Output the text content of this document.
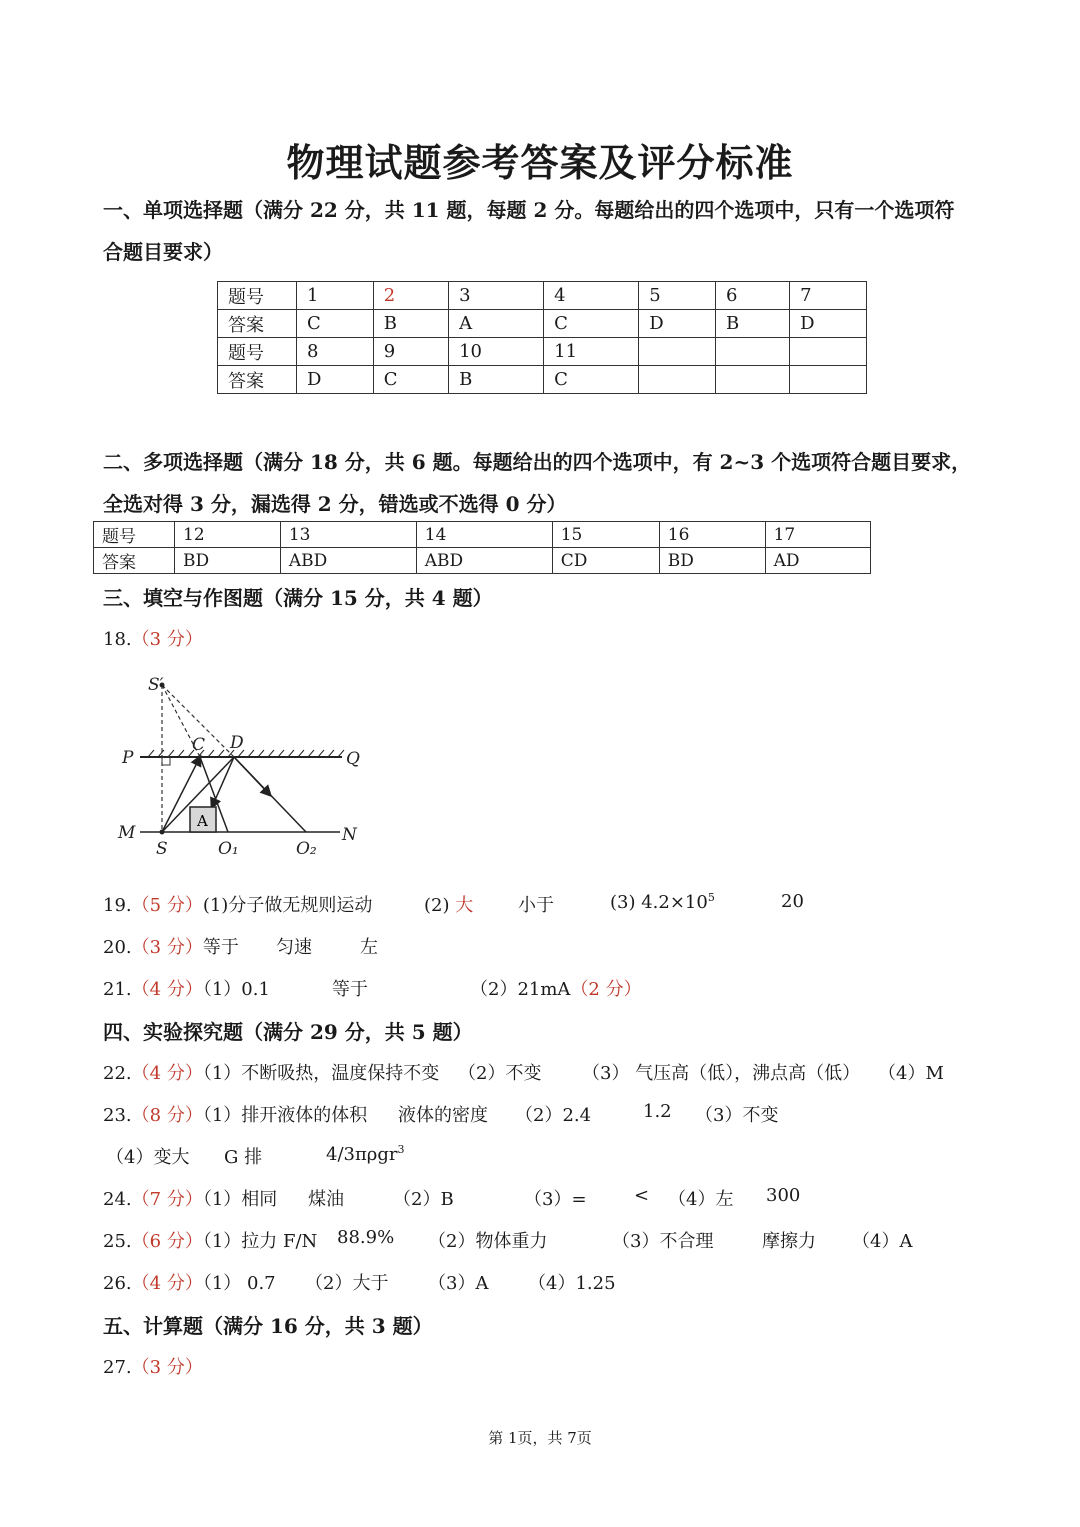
物理试题参考答案及评分标准
一、单项选择题（满分 22 分，共 11 题，每题 2 分。每题给出的四个选项中，只有一个选项符
合题目要求）
题号	1	2	3	4	5	6	7
答案	C	B	A	C	D	B	D
题号	8	9	10	11			
答案	D	C	B	C			
二、多项选择题（满分 18 分，共 6 题。每题给出的四个选项中，有 2~3 个选项符合题目要求，
全选对得 3 分，漏选得 2 分，错选或不选得 0 分）
题号	12	13	14	15	16	17
答案	BD	ABD	ABD	CD	BD	AD
三、填空与作图题（满分 15 分，共 4 题）
18.（3 分）
A
S′
C D
P	Q
M	N
S	O₁	O₂
19.（5 分）(1)分子做无规则运动	(2) 大 小于	(3) $4.2\times 10^5$	20
20.（3 分）等于 匀速	左
21.（4 分）（1）0.1	等于	（2）21mA（2 分）
四、实验探究题（满分 29 分，共 5 题）
22.（4 分）（1）不断吸热，温度保持不变 （2）不变 （3） 气压高（低），沸点高（低） （4）M
23.（8 分）（1）排开液体的体积 液体的密度 （2）2.4	1.2 （3）不变
（4）变大 G 排	4/3πρgr$^3$
24.（7 分）（1）相同 煤油	（2）B	（3）=	< （4）左 300
25.（6 分）（1）拉力 F/N 88.9% （2）物体重力	（3）不合理	摩擦力 （4）A
26.（4 分）（1） 0.7 （2）大于 （3）A （4）1.25
五、计算题（满分 16 分，共 3 题）
27.（3 分）
第 1页，共 7页
